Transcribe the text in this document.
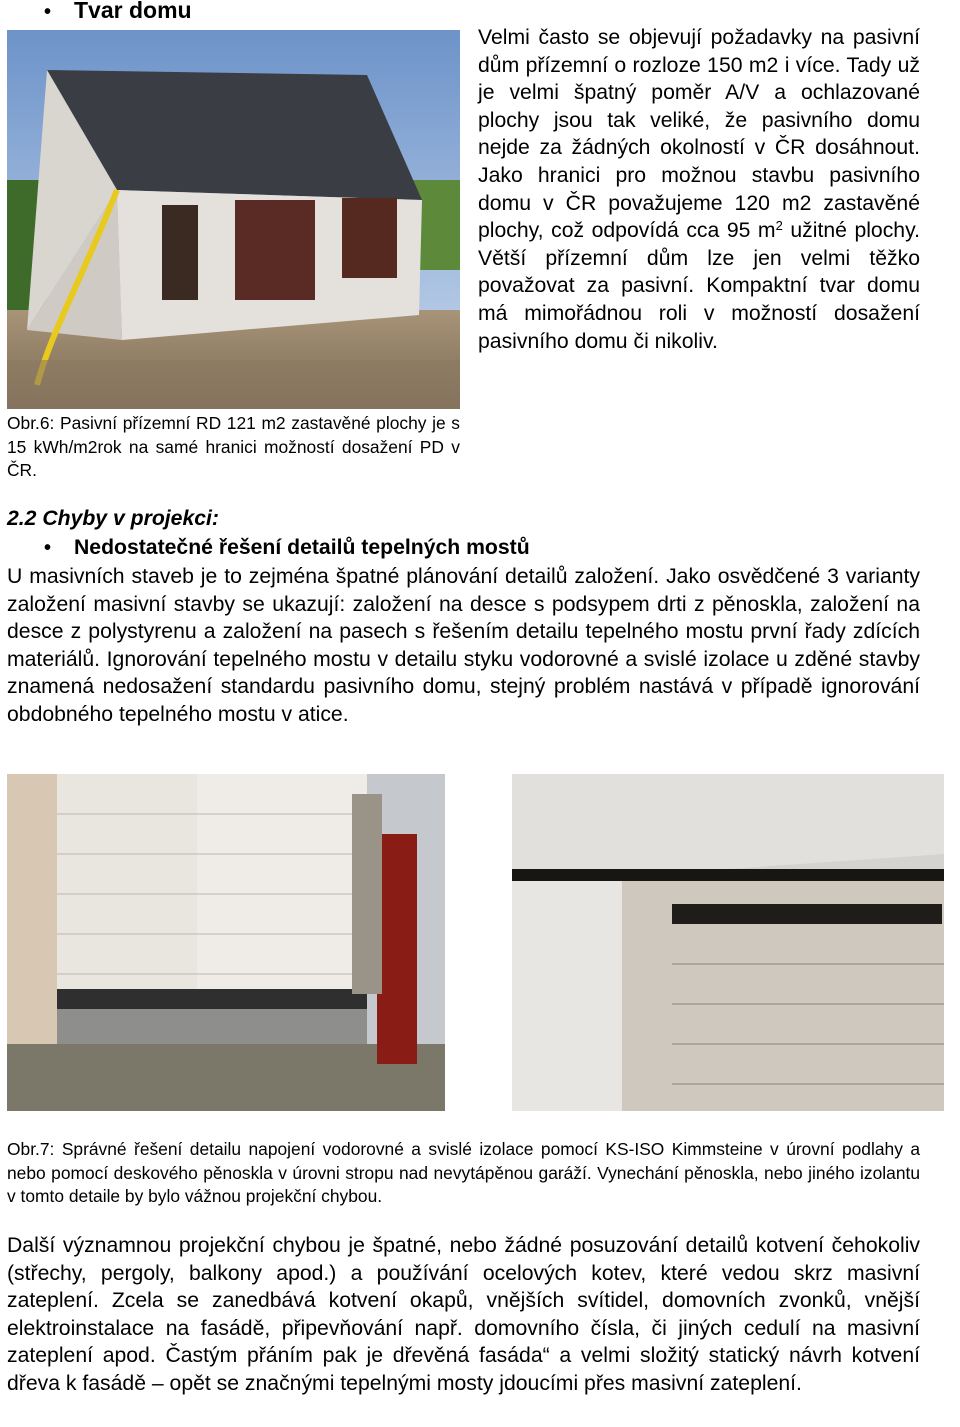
• Tvar domu
Velmi často se objevují požadavky na pasivní dům přízemní o rozloze 150 m2 i více. Tady už je velmi špatný poměr A/V a ochlazované plochy jsou tak veliké, že pasivního domu nejde za žádných okolností v ČR dosáhnout. Jako hranici pro možnou stavbu pasivního domu v ČR považujeme 120 m2 zastavěné plochy, což odpovídá cca 95 $m^2$ užitné plochy. Větší přízemní dům lze jen velmi těžko považovat za pasivní. Kompaktní tvar domu má mimořádnou roli v možností dosažení pasivního domu či nikoliv.
Obr.6: Pasivní přízemní RD 121 m2 zastavěné plochy je s 15 kWh/m2rok na samé hranici možností dosažení PD v ČR.
2.2 Chyby v projekci:
•	Nedostatečné řešení detailů tepelných mostů
U masivních staveb je to zejména špatné plánování detailů založení. Jako osvědčené 3 varianty založení masivní stavby se ukazují: založení na desce s podsypem drti z pěnoskla, založení na desce z polystyrenu a založení na pasech s řešením detailu tepelného mostu první řady zdících materiálů. Ignorování tepelného mostu v detailu styku vodorovné a svislé izolace u zděné stavby znamená nedosažení standardu pasivního domu, stejný problém nastává v případě ignorování obdobného tepelného mostu v atice.
Obr.7: Správné řešení detailu napojení vodorovné a svislé izolace pomocí KS-ISO Kimmsteine v úrovní podlahy a nebo pomocí deskového pěnoskla v úrovni stropu nad nevytápěnou garáží. Vynechání pěnoskla, nebo jiného izolantu v tomto detaile by bylo vážnou projekční chybou.
Další významnou projekční chybou je špatné, nebo žádné posuzování detailů kotvení čehokoliv (střechy, pergoly, balkony apod.) a používání ocelových kotev, které vedou skrz masivní zateplení. Zcela se zanedbává kotvení okapů, vnějších svítidel, domovních zvonků, vnější elektroinstalace na fasádě, připevňování např. domovního čísla, či jiných cedulí na masivní zateplení apod. Častým přáním pak je dřevěná fasáda“ a velmi složitý statický návrh kotvení dřeva k fasádě – opět se značnými tepelnými mosty jdoucími přes masivní zateplení.
